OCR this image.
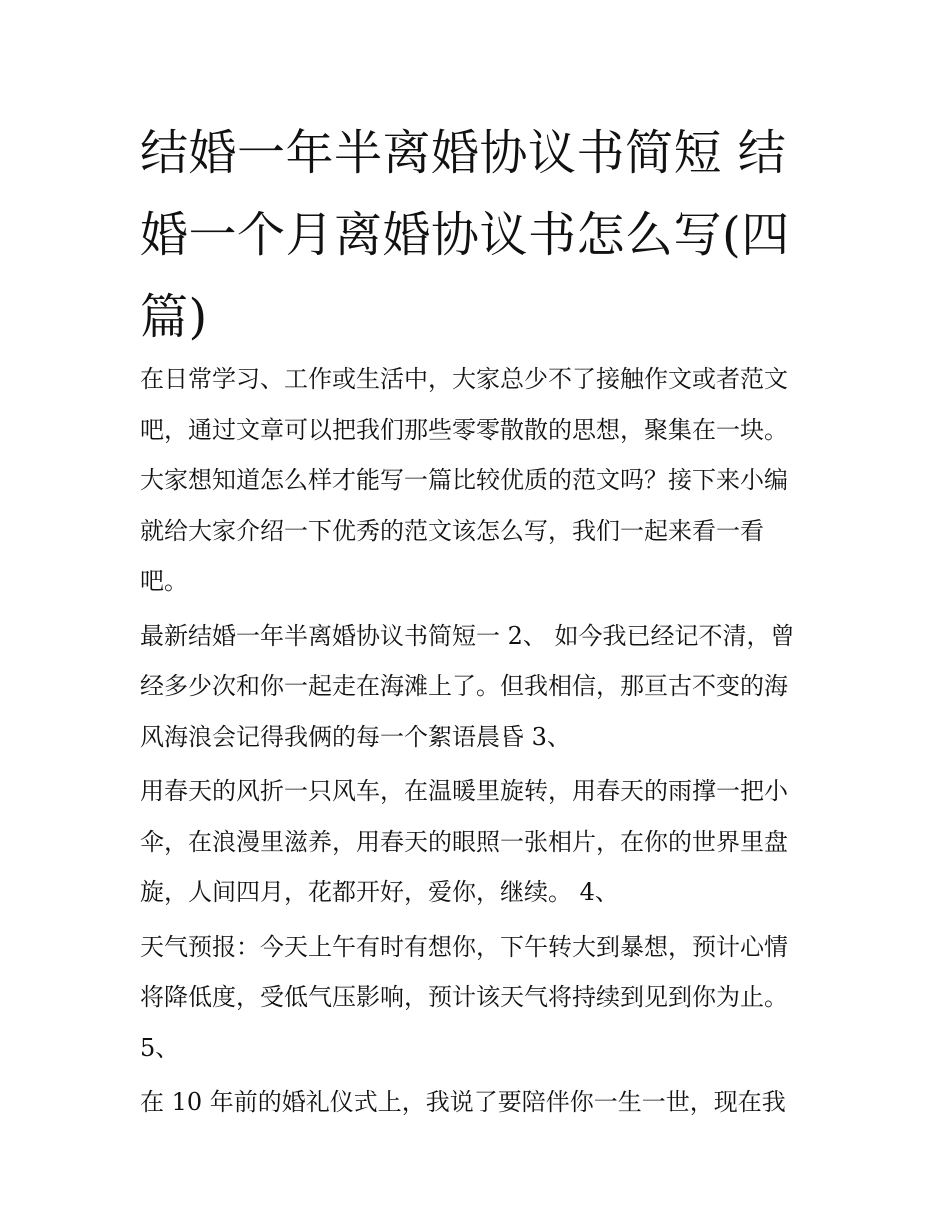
结婚一年半离婚协议书简短 结
婚一个月离婚协议书怎么写(四
篇)

在日常学习、工作或生活中，大家总少不了接触作文或者范文
吧，通过文章可以把我们那些零零散散的思想，聚集在一块。
大家想知道怎么样才能写一篇比较优质的范文吗？接下来小编
就给大家介绍一下优秀的范文该怎么写，我们一起来看一看
吧。

最新结婚一年半离婚协议书简短一 2、 如今我已经记不清，曾
经多少次和你一起走在海滩上了。但我相信，那亘古不变的海
风海浪会记得我俩的每一个絮语晨昏 3、

用春天的风折一只风车，在温暖里旋转，用春天的雨撑一把小
伞，在浪漫里滋养，用春天的眼照一张相片，在你的世界里盘
旋，人间四月，花都开好，爱你，继续。 4、

天气预报：今天上午有时有想你，下午转大到暴想，预计心情
将降低度，受低气压影响，预计该天气将持续到见到你为止。
5、

在 10 年前的婚礼仪式上，我说了要陪伴你一生一世，现在我
